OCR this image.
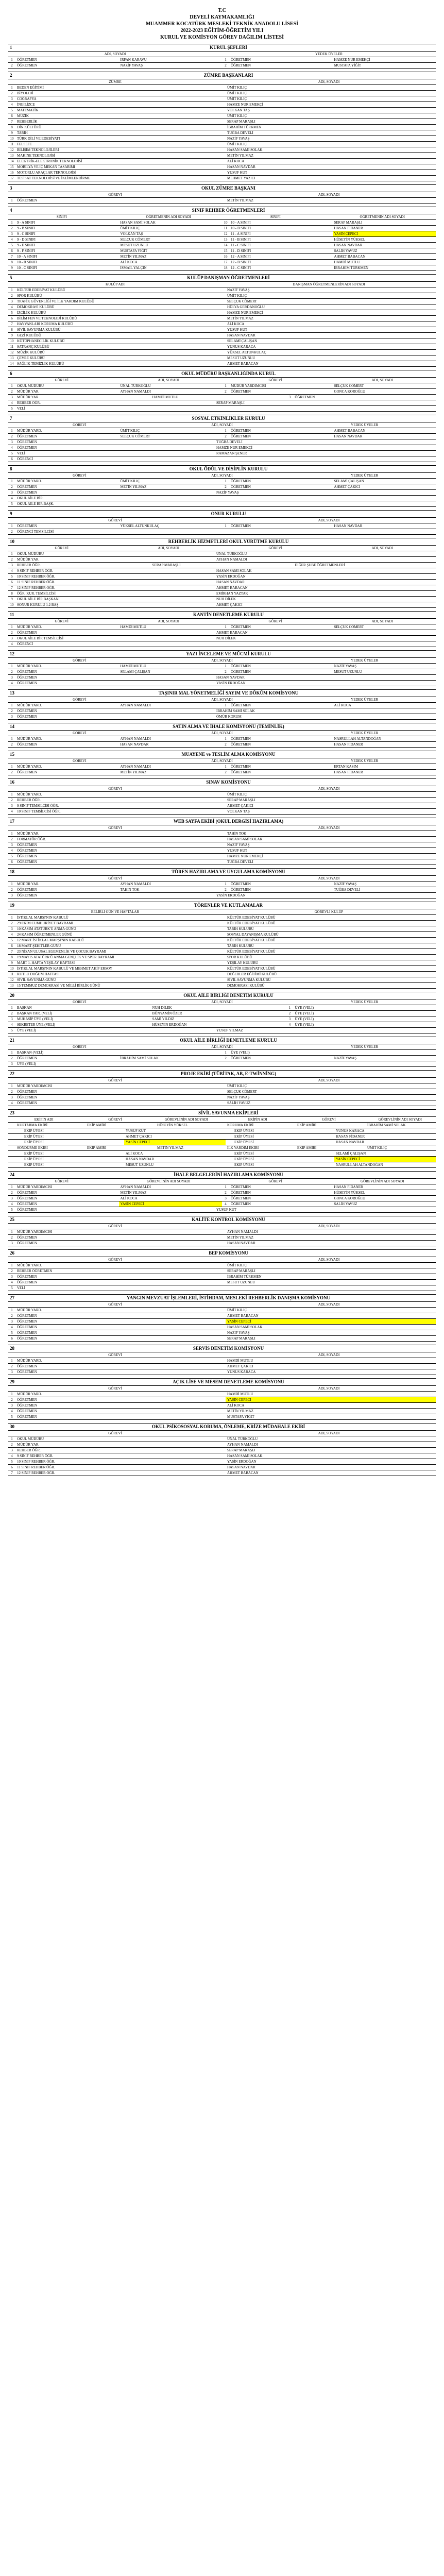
T.C
DEVELİ KAYMAKAMLIĞI
MUAMMER KOCATÜRK MESLEKİ TEKNİK ANADOLU LİSESİ
2022-2023 EĞİTİM-ÖĞRETİM YILI
KURUL VE KOMİSYON GÖREV DAĞILIM LİSTESİ
1	KURUL ŞEFLERİ
ADI, SOYADI	YEDEK ÜYELER
1	ÖĞRETMEN	İRFAN KARAVU	1	ÖĞRETMEN	HAMZE NUR EMEKÇİ
2	ÖĞRETMEN	NAZİF YAVAŞ	2	ÖĞRETMEN	MUSTAFA YİĞİT
2	ZÜMRE BAŞKANLARI
ZÜMRE	ADI, SOYADI
1	BEDEN EĞİTİMİ	ÜMİT KILIÇ
2	BİYOLOJİ	ÜMİT KILIÇ
3	COĞRAFYA	ÜMİT KILIÇ
4	İNGİLİZCE	HAMZE NUR EMEKÇİ
5	MATEMATİK	VOLKAN TAŞ
6	MÜZİK	ÜMİT KILIÇ
7	REHBERLİK	SERAP MARAŞLI
8	DİN KÜLTÜRÜ	İBRAHİM TÜRKMEN
9	TARİH	TUĞBA DEVELİ
10 TÜRK DİLİ VE EDEBİYATI	NAZİF YAVAŞ
11 FELSEFE	ÜMİT KILIÇ
12 BİLİŞİM TEKNOLOJİLERİ	HASAN SAMİ SOLAK
13 MAKİNE TEKNOLOJİSİ	METİN YILMAZ
14 ELEKTRİK-ELEKTRONİK TEKNOLOJİSİ	ALİ KOCA
15 MOBİLYA VE İÇ MEKAN TASARIMI	HASAN NAVDAR
16 MOTORLU ARAÇLAR TEKNOLOJİSİ	YUSUF KUT
17 TESİSAT TEKNOLOJİSİ VE İKLİMLENDİRME	MEHMET YAZICI
3	OKUL ZÜMRE BAŞKANI
GÖREVİ	ADI, SOYADI
1	ÖĞRETMEN	METİN YILMAZ
4	SINIF REHBER ÖĞRETMENLERİ
SINIFI	ÖĞRETMENİN ADI SOYADI	SINIFI	ÖĞRETMENİN ADI SOYADI
1	9 - A SINIFI	HASAN SAMİ SOLAK	10 10 - A SINIFI	SERAP MARAŞLI
2	9 - B SINIFI	ÜMİT KILIÇ	11 10 - B SINIFI	HASAN FİDANER
3	9 - C SINIFI	VOLKAN TAŞ	12 11 - A SINIFI	YASİN CEPECİ
4	9 - D SINIFI	SELÇUK CÖMERT	13 11 - B SINIFI	HÜSEYİN YÜKSEL
5	9 - E SINIFI	MESUT UZUNLU	14 11 - C SINIFI	HASAN NAVDAR
6	9 - F SINIFI	MUSTAFA YİĞİT	15 11 - D SINIFI	SALİH YAVUZ
7	10 - A SINIFI	METİN YILMAZ	16 12 - A SINIFI	AHMET BABACAN
8	10 - B SINIFI	ALİ KOCA	17 12 - B SINIFI	HAMDİ MUTLU
9	10 - C SINIFI	İSMAİL YALÇIN	18 12 - C SINIFI	İBRAHİM TÜRKMEN
5	KULÜP DANIŞMAN ÖĞRETMENLERİ
KULÜP ADI	DANIŞMAN ÖĞRETMENLERİN ADI SOYADI
1	KÜLTÜR EDEBİYAT KULÜBÜ	NAZİF YAVAŞ
2	SPOR KULÜBÜ	ÜMİT KILIÇ
3	TRAFİK GÜVENLİĞİ VE İLK YARDIM KULÜBÜ	SELÇUK CÖMERT
4	DEMOKRASİ KULÜBÜ	HÜLYA GERDANOĞLU
5	İZCİLİK KULÜBÜ	HAMZE NUR EMEKÇİ
6	BİLİM FEN VE TEKNOLOJİ KULÜBÜ	METİN YILMAZ
7	HAYVANLARI KORUMA KULÜBÜ	ALİ KOCA
8	SİVİL SAVUNMA KULÜBÜ	YUSUF KUT
9	GEZİ KULÜBÜ	HASAN NAVDAR
10 KÜTÜPHANECİLİK KULÜBÜ	SELAMİ ÇALIŞAN
11 SATRANÇ KULÜBÜ	YUNUS KARACA
12 MÜZİK KULÜBÜ	YÜKSEL ALTUNKULAÇ
13 ÇEVRE KULÜBÜ	MESUT UZUNLU
14 SAĞLIK TEMİZLİK KULÜBÜ	AHMET BABACAN
6	OKUL MÜDÜRÜ BAŞKANLIĞINDA KURUL
GÖREVİ	ADI, SOYADI	GÖREVİ	ADI, SOYADI
1	OKUL MÜDÜRÜ	ÜNAL TÜRKOĞLU	1	MÜDÜR YARDIMCISI	SELÇUK CÖMERT
2	MÜDÜR YAR.	AYHAN NAMALDI	2	ÖĞRETMEN	GONCA KOROĞLU
3	MÜDÜR YAR.	HAMDİ MUTLU	3	ÖĞRETMEN
4	REHBER ÖĞR.	SERAP MARAŞLI
5	VELİ
7	SOSYAL ETKİNLİKLER KURULU
GÖREVİ	ADI, SOYADI	YEDEK ÜYELER
1	MÜDÜR YARD.	ÜMİT KILIÇ	1	ÖĞRETMEN	AHMET BABACAN
2	ÖĞRETMEN	SELÇUK CÖMERT	2	ÖĞRETMEN	HASAN NAVDAR
3	ÖĞRETMEN	TUĞBA DEVELİ
4	ÖĞRETMEN	HAMZE NUR EMEKÇİ
5	VELİ	RAMAZAN ŞENER
6	ÖĞRENCİ
8	OKUL ÖDÜL VE DİSİPLİN KURULU
GÖREVİ	ADI, SOYADI	YEDEK ÜYELER
1	MÜDÜR YARD.	ÜMİT KILIÇ	1	ÖĞRETMEN	SELAMİ ÇALIŞAN
2	ÖĞRETMEN	METİN YILMAZ	2	ÖĞRETMEN	AHMET ÇAKICI
3	ÖĞRETMEN	NAZİF YAVAŞ
4	OKUL AİLE BİR.
5	OKUL AİLE BİR.BAŞK.
9	ONUR KURULU
GÖREVİ	ADI, SOYADI
1	ÖĞRETMEN	YÜKSEL ALTUNKULAÇ	1	ÖĞRETMEN	HASAN NAVDAR
2	ÖĞRENCİ TEMSİLCİSİ
10	REHBERLİK HİZMETLERİ OKUL YÜRÜTME KURULU
GÖREVİ	ADI, SOYADI	GÖREVİ	ADI, SOYADI
1	OKUL MÜDÜRÜ	ÜNAL TÜRKOĞLU
2	MÜDÜR YAR.	AYHAN NAMALDI
3	REHBER ÖĞR.	SERAP MARAŞLI	DİĞER ŞUBE ÖĞRETMENLERİ
4	9 SINIF REHBER ÖĞR.	HASAN SAMİ SOLAK
5	10 SINIF REHBER ÖĞR.	YASİN ERDOĞAN
6	11 SINIF REHBER ÖĞR.	HASAN NAVDAR
7	12 SINIF REHBER ÖĞR.	AHMET BABACAN
8	ÖĞR. KUR. TEMSİLCİSİ	EMİRHAN YAZTAK
9	OKUL AİLE BİR BAŞKANI	NUH DİLEK
10 SONUR KURULU 1.2 BAŞ	AHMET ÇAKICI
11	KANTİN DENETLEME KURULU
GÖREVİ	ADI, SOYADI	GÖREVİ	ADI, SOYADI
1	MÜDÜR YARD.	HAMDİ MUTLU	1	ÖĞRETMEN	SELÇUK CÖMERT
2	ÖĞRETMEN	AHMET BABACAN
3	OKUL AİLE BİR TEMSİLCİSİ	NUH DİLEK
4	ÖĞRENCİ
12	YAZI İNCELEME VE MÜCMİ KURULU
GÖREVİ	ADI, SOYADI	YEDEK ÜYELER
1	MÜDÜR YARD.	HAMDİ MUTLU	1	ÖĞRETMEN	NAZİF YAVAŞ
2	ÖĞRETMEN	SELAMİ ÇALIŞAN	2	ÖĞRETMEN	MESUT UZUNLU
3	ÖĞRETMEN	HASAN NAVDAR
4	ÖĞRETMEN	YASİN ERDOĞAN
13	TAŞINIR MAL YÖNETMELİĞİ SAYIM VE DÖKÜM KOMİSYONU
GÖREVİ	ADI, SOYADI	YEDEK ÜYELER
1	MÜDÜR YARD.	AYHAN NAMALDI	1	ÖĞRETMEN	ALİ KOCA
2	ÖĞRETMEN	İBRAHİM SAMİ SOLAK
3	ÖĞRETMEN	ÖMÜR KORUM
14	SATIN ALMA VE İHALE KOMİSYONU (TEMİNLİK)
GÖREVİ	ADI, SOYADI	YEDEK ÜYELER
1	MÜDÜR YARD.	AYHAN NAMALDI	1	ÖĞRETMEN	NASRULLAH ALTANDOĞAN
2	ÖĞRETMEN	HASAN NAVDAR	2	ÖĞRETMEN	HASAN FİDANER
15	MUAYENE ve TESLİM ALMA KOMİSYONU
GÖREVİ	ADI, SOYADI	YEDEK ÜYELER
1	MÜDÜR YARD.	AYHAN NAMALDI	1	ÖĞRETMEN	ERTAN KASIM
2	ÖĞRETMEN	METİN YILMAZ	2	ÖĞRETMEN	HASAN FİDANER
16	SINAV KOMİSYONU
GÖREVİ	ADI, SOYADI
1	MÜDÜR YARD.	ÜMİT KILIÇ
2	REHBER ÖĞR.	SERAP MARAŞLI
3	9 SINIF TEMSİLCİSİ ÖĞR.	AHMET ÇAKICI
4	10 SINIF TEMSİLCİSİ ÖĞR.	VOLKAN TAŞ
17	WEB SAYFA EKİBİ (OKUL DERGİSİ HAZIRLAMA)
GÖREVİ	ADI, SOYADI
1	MÜDÜR YAR.	TAHİN TOK
2	FORMATÖR ÖĞR.	HASAN SAMİ SOLAK
3	ÖĞRETMEN	NAZİF YAVAŞ
4	ÖĞRETMEN	YUSUF KUT
5	ÖĞRETMEN	HAMZE NUR EMEKÇİ
6	ÖĞRETMEN	TUĞBA DEVELİ
18	TÖREN HAZIRLAMA VE UYGULAMA KOMİSYONU
GÖREVİ	ADI, SOYADI
1	MÜDÜR YAR.	AYHAN NAMALDI	1	ÖĞRETMEN	NAZİF YAVAŞ
2	ÖĞRETMEN	TAHİN TOK	2	ÖĞRETMEN	TUĞBA DEVELİ
3	ÖĞRETMEN	YASİN ERDOĞAN
19	TÖRENLER VE KUTLAMALAR
BELİRLİ GÜN VE HAFTALAR	GÖREVLİ KULÜP
1	İSTİKLAL MARŞI'NIN KABULÜ	KÜLTÜR EDEBİYAT KULÜBÜ
2	29 EKİM CUMHURİYET BAYRAMI	KÜLTÜR EDEBİYAT KULÜBÜ
3	10 KASIM ATATÜRK'Ü ANMA GÜNÜ	TARİH KULÜBÜ
4	24 KASIM ÖĞRETMENLER GÜNÜ	SOSYAL DAYANIŞMA KULÜBÜ
5	12 MART İSTİKLAL MARŞI'NIN KABULÜ	KÜLTÜR EDEBİYAT KULÜBÜ
6	18 MART ŞEHİTLER GÜNÜ	TARİH KULÜBÜ
7	23 NİSAN ULUSAL EGEMENLİK VE ÇOCUK BAYRAMI	KÜLTÜR EDEBİYAT KULÜBÜ
8	19 MAYIS ATATÜRK'Ü ANMA GENÇLİK VE SPOR BAYRAMI	SPOR KULÜBÜ
9	MART 1. HAFTA YEŞİLAY HAFTASI	YEŞİLAY KULÜBÜ
10 İSTİKLAL MARŞI'NIN KABULÜ VE MEHMET AKİF ERSOY	KÜLTÜR EDEBİYAT KULÜBÜ
11 KUTLU DOĞUM HAFTASI	DEĞERLER EĞİTİMİ KULÜBÜ
12 SİVİL SAVUNMA GÜNÜ	SİVİL SAVUNMA KULÜBÜ
13 15 TEMMUZ DEMOKRASİ VE MİLLİ BİRLİK GÜNÜ	DEMOKRASİ KULÜBÜ
20	OKUL AİLE BİRLİĞİ DENETİM KURULU
GÖREVİ	ADI, SOYADI	YEDEK ÜYELER
1	BAŞKAN	NUH DİLEK	1	ÜYE (VELİ)
2	BAŞKAN YAR. (VELİ)	BÜNYAMİN ÖZER	2	ÜYE (VELİ)
3	MUHASİP ÜYE (VELİ)	SAMİ YILDIZ	3	ÜYE (VELİ)
4	SEKRETER ÜYE (VELİ)	HÜSEYİN ERDOĞAN	4	ÜYE (VELİ)
5	ÜYE (VELİ)	YUSUF YILMAZ
21	OKUL AİLE BİRLİĞİ DENETLEME KURULU
GÖREVİ	ADI, SOYADI	YEDEK ÜYELER
1	BAŞKAN (VELİ)	1	ÜYE (VELİ)
2	ÖĞRETMEN	İBRAHİM SAMİ SOLAK	2	ÖĞRETMEN	NAZİF YAVAŞ
3	ÜYE (VELİ)
22	PROJE EKİBİ (TÜBİTAK, AB, E-TWİNNİNG)
GÖREVİ	ADI, SOYADI
1	MÜDÜR YARDIMCISI	ÜMİT KILIÇ
2	ÖĞRETMEN	SELÇUK CÖMERT
3	ÖĞRETMEN	NAZİF YAVAŞ
4	ÖĞRETMEN	SALİH YAVUZ
23	SİVİL SAVUNMA EKİPLERİ
EKİPİN ADI	GÖREVİ	GÖREVLİNİN ADI SOYADI	EKİPİN ADI	GÖREVİ	GÖREVLİNİN ADI SOYADI
KURTARMA EKİBİ	EKİP AMİRİ	HÜSEYİN YÜKSEL	KORUMA EKİBİ	EKİP AMİRİ	İBRAHİM SAMİ SOLAK
EKİP ÜYESİ	YUSUF KUT	EKİP ÜYESİ	YUNUS KARACA
EKİP ÜYESİ	AHMET ÇAKICI	EKİP ÜYESİ	HASAN FİDANER
EKİP ÜYESİ	YASİN CEPECİ	EKİP ÜYESİ	HASAN NAVDAR
SÖNDÜRME EKİBİ	EKİP AMİRİ	METİN YILMAZ	İLK YARDIM EKİBİ	EKİP AMİRİ	ÜMİT KILIÇ
EKİP ÜYESİ	ALİ KOCA	EKİP ÜYESİ	SELAMİ ÇALIŞAN
EKİP ÜYESİ	HASAN NAVDAR	EKİP ÜYESİ	YASİN CEPECİ
EKİP ÜYESİ	MESUT UZUNLU	EKİP ÜYESİ	NASRULLAH ALTANDOĞAN
24	İHALE BELGELERİNİ HAZIRLAMA KOMİSYONU
GÖREVİ	GÖREVLİNİN ADI SOYADI	GÖREVİ	GÖREVLİNİN ADI SOYADI
1	MÜDÜR YARDIMCISI	AYHAN NAMALDI	1	ÖĞRETMEN	HASAN FİDANER
2	ÖĞRETMEN	METİN YILMAZ	2	ÖĞRETMEN	HÜSEYİN YÜKSEL
3	ÖĞRETMEN	ALİ KOCA	3	ÖĞRETMEN	GONCA KOROĞLU
4	ÖĞRETMEN	YASİN CEPECİ	4	ÖĞRETMEN	SALİH YAVUZ
5	ÖĞRETMEN	YUSUF KUT
25	KALİTE KONTROL KOMİSYONU
GÖREVİ	ADI, SOYADI
1	MÜDÜR YARDIMCISI	AYHAN NAMALDI
2	ÖĞRETMEN	METİN YILMAZ
3	ÖĞRETMEN	HASAN NAVDAR
26	BEP KOMİSYONU
GÖREVİ	ADI, SOYADI
1	MÜDÜR YARD.	ÜMİT KILIÇ
2	REHBER ÖĞRETMEN	SERAP MARAŞLI
3	ÖĞRETMEN	İBRAHİM TÜRKMEN
4	ÖĞRETMEN	MESUT UZUNLU
5	VELİ
27	YANGIN MEVZUAT İŞLEMLERİ, İSTİHDAM, MESLEKİ REHBERLİK DANIŞMA KOMİSYONU
GÖREVİ	ADI, SOYADI
1	MÜDÜR YARD.	ÜMİT KILIÇ
2	ÖĞRETMEN	AHMET BABACAN
3	ÖĞRETMEN	YASİN CEPECİ
4	ÖĞRETMEN	HASAN SAMİ SOLAK
5	ÖĞRETMEN	NAZİF YAVAŞ
6	ÖĞRETMEN	SERAP MARAŞLI
28	SERVİS DENETİM KOMİSYONU
GÖREVİ	ADI, SOYADI
1	MÜDÜR YARD.	HAMDİ MUTLU
2	ÖĞRETMEN	AHMET ÇAKICI
3	ÖĞRETMEN	YUNUS KARACA
29	AÇIK LİSE VE MESEM DENETLEME KOMİSYONU
GÖREVİ	ADI, SOYADI
1	MÜDÜR YARD.	HAMDİ MUTLU
2	ÖĞRETMEN	YASİN CEPECİ
3	ÖĞRETMEN	ALİ KOCA
4	ÖĞRETMEN	METİN YILMAZ
5	ÖĞRETMEN	MUSTAFA YİĞİT
30	OKUL PSİKOSOSYAL KORUMA, ÖNLEME, KRİZE MÜDAHALE EKİBİ
GÖREVİ	ADI, SOYADI
1	OKUL MÜDÜRÜ	ÜNAL TÜRKOĞLU
2	MÜDÜR YAR.	AYHAN NAMALDI
3	REHBER ÖĞR.	SERAP MARAŞLI
4	9 SINIF REHBER ÖĞR.	HASAN SAMİ SOLAK
5	10 SINIF REHBER ÖĞR.	YASİN ERDOĞAN
6	11 SINIF REHBER ÖĞR.	HASAN NAVDAR
7	12 SINIF REHBER ÖĞR.	AHMET BABACAN
